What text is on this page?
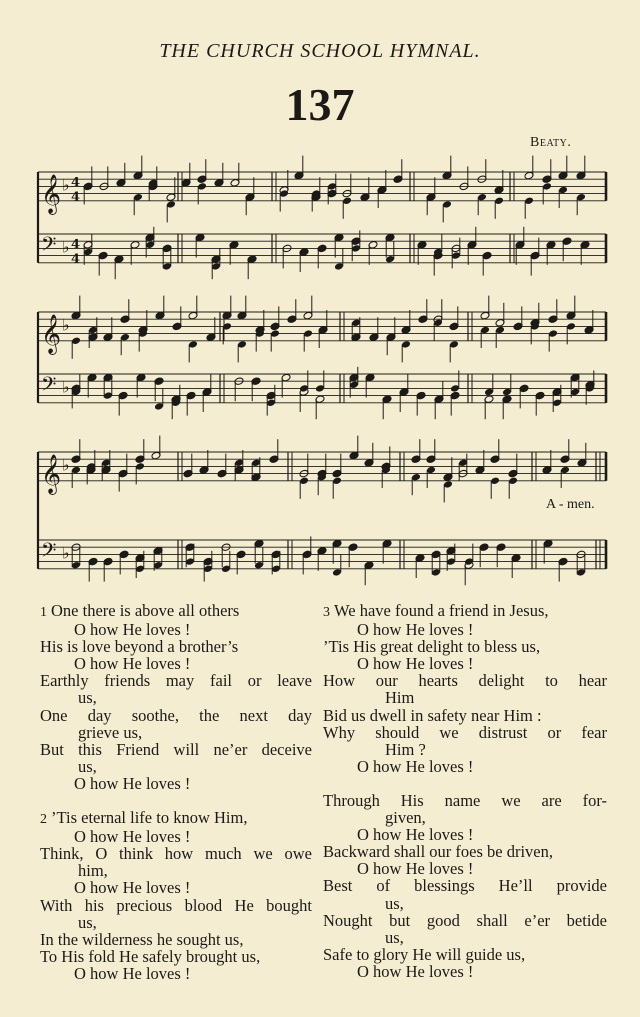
THE CHURCH SCHOOL HYMNAL.
137
Beaty.
𝄞 ♭ 4
4
𝄢 ♭ 4
4
𝄞 ♭
𝄢 ♭
𝄞 ♭
𝄢 ♭
A - men.
1 One there is above all others
O how He loves !
His is love beyond a brother’s
O how He loves !
Earthly friends may fail or leave
us,
One day soothe, the next day
grieve us,
But this Friend will ne’er deceive
us,
O how He loves !
2 ’Tis eternal life to know Him,
O how He loves !
Think, O think how much we owe
him,
O how He loves !
With his precious blood He bought
us,
In the wilderness he sought us,
To His fold He safely brought us,
O how He loves !
3 We have found a friend in Jesus,
O how He loves !
’Tis His great delight to bless us,
O how He loves !
How our hearts delight to hear
Him
Bid us dwell in safety near Him :
Why should we distrust or fear
Him ?
O how He loves !
Through His name we are for-
given,
O how He loves !
Backward shall our foes be driven,
O how He loves !
Best of blessings He’ll provide
us,
Nought but good shall e’er betide
us,
Safe to glory He will guide us,
O how He loves !
